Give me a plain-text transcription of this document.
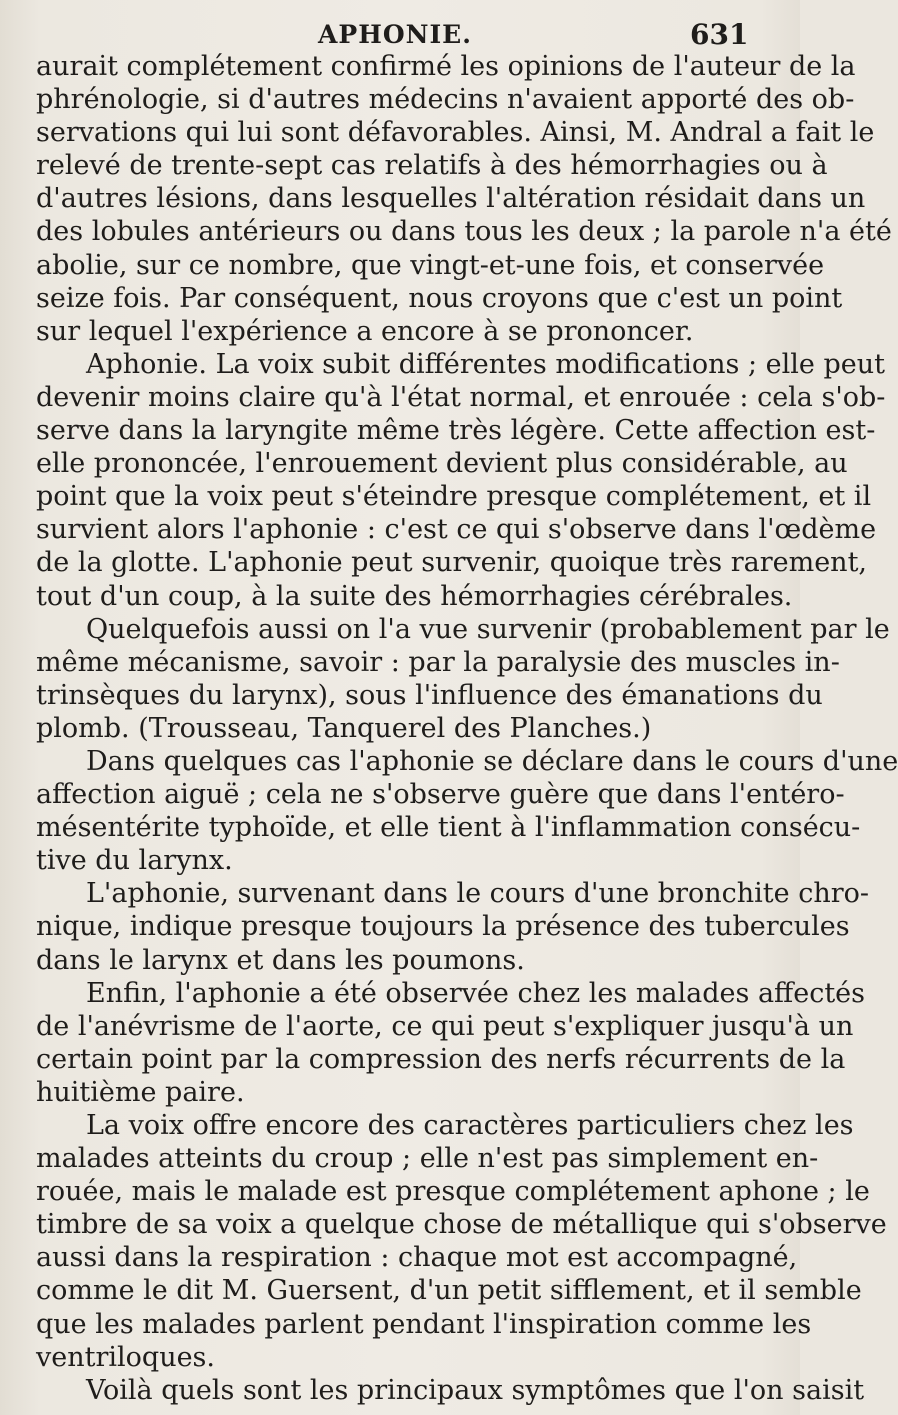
APHONIE.	631
aurait complétement confirmé les opinions de l'auteur de la
phrénologie, si d'autres médecins n'avaient apporté des ob-
servations qui lui sont défavorables. Ainsi, M. Andral a fait le
relevé de trente-sept cas relatifs à des hémorrhagies ou à
d'autres lésions, dans lesquelles l'altération résidait dans un
des lobules antérieurs ou dans tous les deux ; la parole n'a été
abolie, sur ce nombre, que vingt-et-une fois, et conservée
seize fois. Par conséquent, nous croyons que c'est un point
sur lequel l'expérience a encore à se prononcer.
Aphonie. La voix subit différentes modifications ; elle peut
devenir moins claire qu'à l'état normal, et enrouée : cela s'ob-
serve dans la laryngite même très légère. Cette affection est-
elle prononcée, l'enrouement devient plus considérable, au
point que la voix peut s'éteindre presque complétement, et il
survient alors l'aphonie : c'est ce qui s'observe dans l'œdème
de la glotte. L'aphonie peut survenir, quoique très rarement,
tout d'un coup, à la suite des hémorrhagies cérébrales.
Quelquefois aussi on l'a vue survenir (probablement par le
même mécanisme, savoir : par la paralysie des muscles in-
trinsèques du larynx), sous l'influence des émanations du
plomb. (Trousseau, Tanquerel des Planches.)
Dans quelques cas l'aphonie se déclare dans le cours d'une
affection aiguë ; cela ne s'observe guère que dans l'entéro-
mésentérite typhoïde, et elle tient à l'inflammation consécu-
tive du larynx.
L'aphonie, survenant dans le cours d'une bronchite chro-
nique, indique presque toujours la présence des tubercules
dans le larynx et dans les poumons.
Enfin, l'aphonie a été observée chez les malades affectés
de l'anévrisme de l'aorte, ce qui peut s'expliquer jusqu'à un
certain point par la compression des nerfs récurrents de la
huitième paire.
La voix offre encore des caractères particuliers chez les
malades atteints du croup ; elle n'est pas simplement en-
rouée, mais le malade est presque complétement aphone ; le
timbre de sa voix a quelque chose de métallique qui s'observe
aussi dans la respiration : chaque mot est accompagné,
comme le dit M. Guersent, d'un petit sifflement, et il semble
que les malades parlent pendant l'inspiration comme les
ventriloques.
Voilà quels sont les principaux symptômes que l'on saisit
